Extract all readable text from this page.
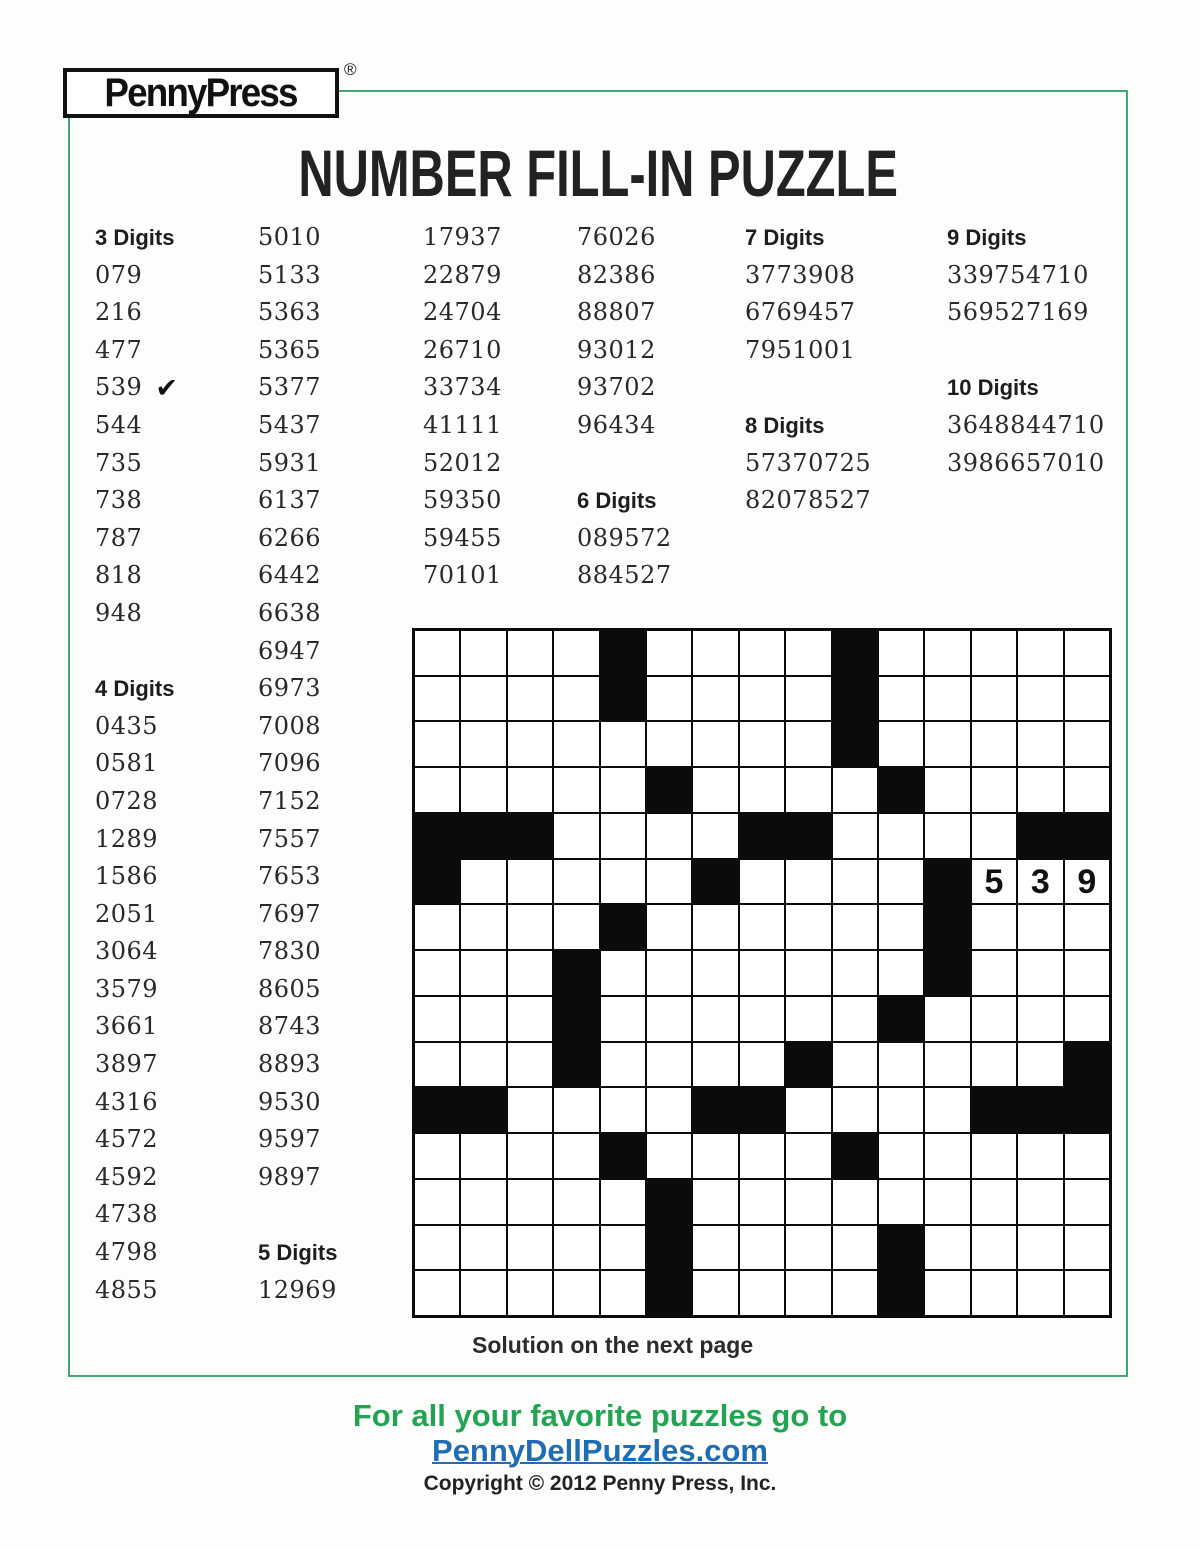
PennyPress
®
NUMBER FILL-IN PUZZLE
3 Digits
079
216
477
539 ✔
544
735
738
787
818
948
4 Digits
0435
0581
0728
1289
1586
2051
3064
3579
3661
3897
4316
4572
4592
4738
4798
4855
5010
5133
5363
5365
5377
5437
5931
6137
6266
6442
6638
6947
6973
7008
7096
7152
7557
7653
7697
7830
8605
8743
8893
9530
9597
9897
5 Digits
12969
17937
22879
24704
26710
33734
41111
52012
59350
59455
70101
76026
82386
88807
93012
93702
96434
6 Digits
089572
884527
7 Digits
3773908
6769457
7951001
8 Digits
57370725
82078527
9 Digits
339754710
569527169
10 Digits
3648844710
3986657010
5 3 9
Solution on the next page
For all your favorite puzzles go to
PennyDellPuzzles.com
Copyright © 2012 Penny Press, Inc.
